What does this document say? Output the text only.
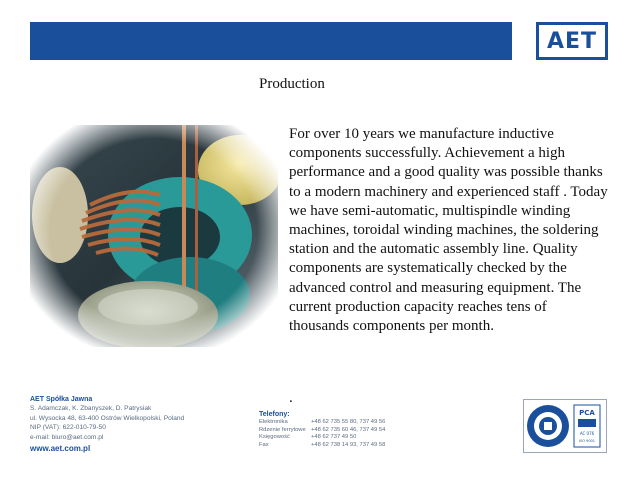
AET
Production
For over 10 years we manufacture inductive components successfully. Achievement a high performance and a good quality was possible thanks to a modern machinery and experienced staff . Today we have semi-automatic, multispindle winding machines, toroidal winding machines, the soldering station and the automatic assembly line. Quality components are systematically checked by the advanced control and measuring equipment. The current production capacity reaches tens of thousands components per month.
.
AET Spółka Jawna
S. Adamczak, K. Zbanyszek, D. Patrysiak
ul. Wysocka 48, 63-400 Ostrów Wielkopolski, Poland
NIP (VAT): 622-010-79-50
e-mail: biuro@aet.com.pl
www.aet.com.pl
Telefony:
Elektronika	+48 62 735 55 80, 737 49 56
Rdzenie ferrytowe +48 62 735 60 46, 737 49 54
Księgowość	+48 62 737 49 50
Fax	+48 62 738 14 93, 737 49 58
PCA
AC 076
ISO 9001
